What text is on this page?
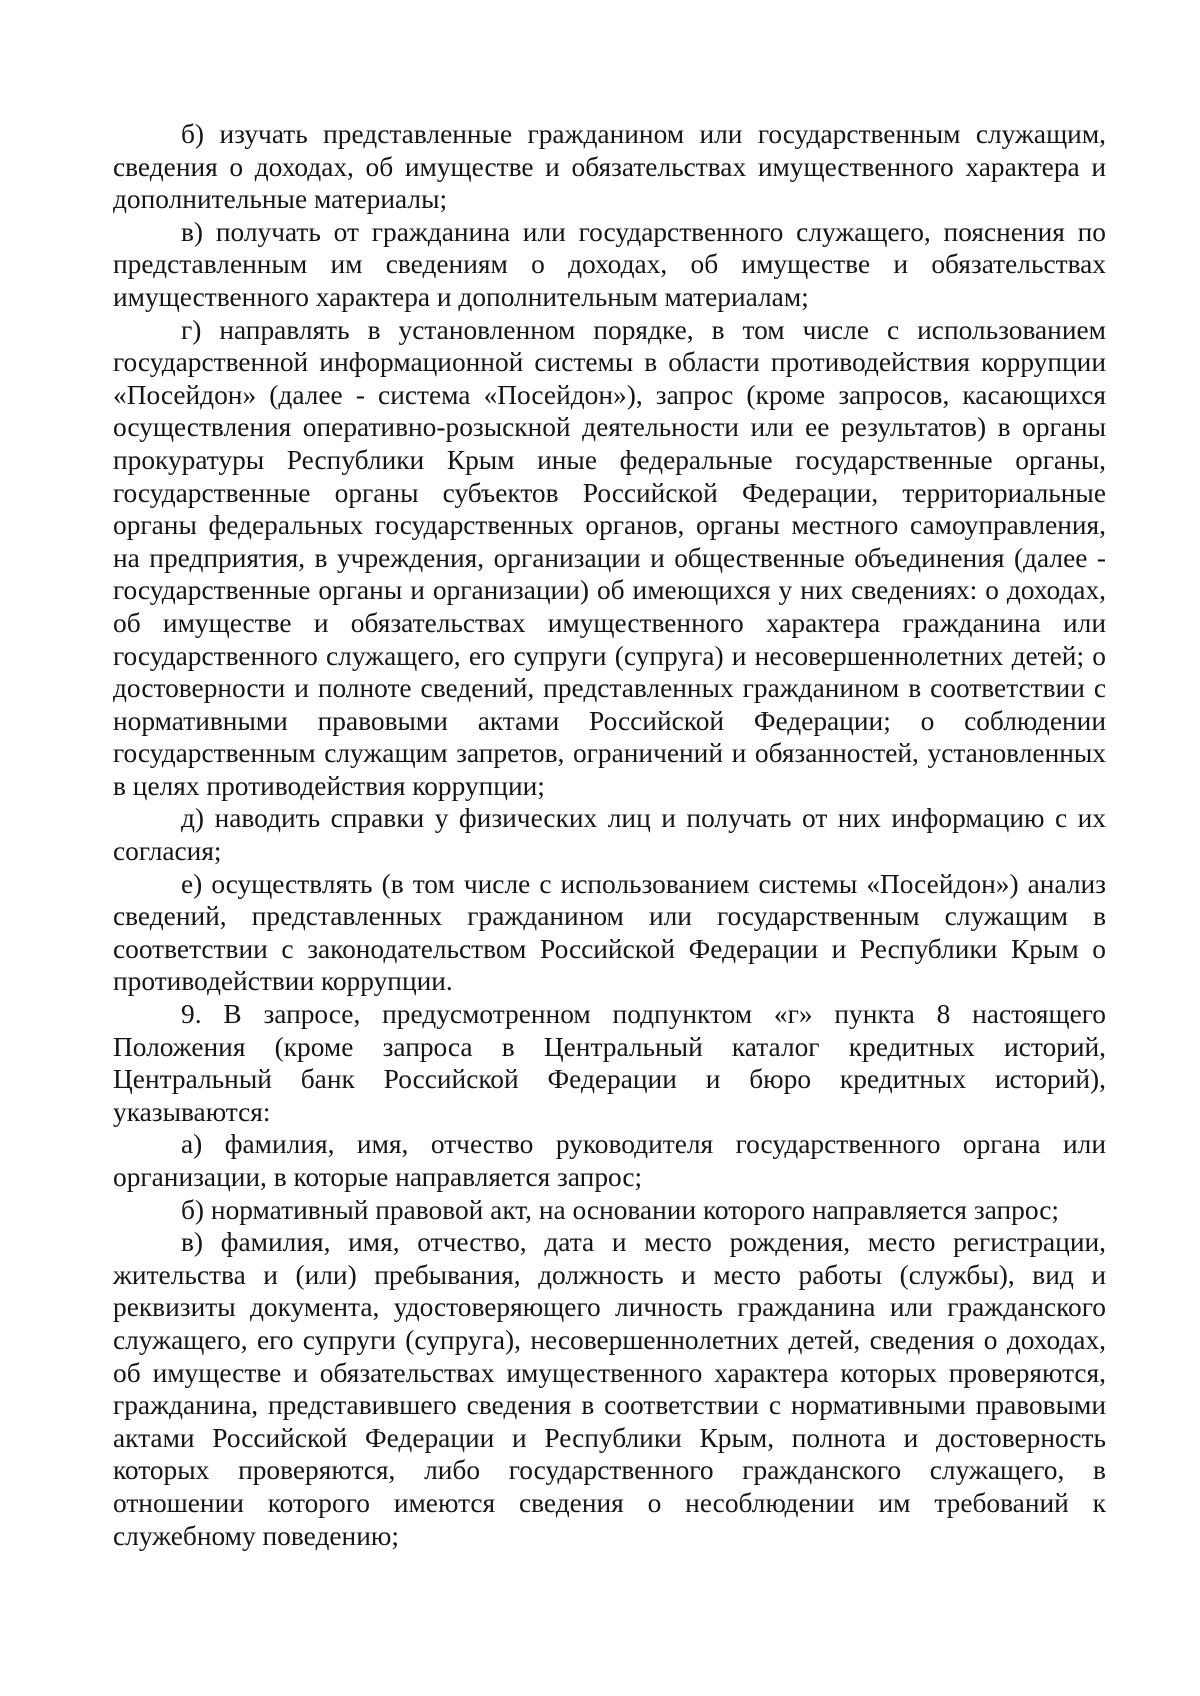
б) изучать представленные гражданином или государственным служащим, сведения о доходах, об имуществе и обязательствах имущественного характера и дополнительные материалы;

в) получать от гражданина или государственного служащего, пояснения по представленным им сведениям о доходах, об имуществе и обязательствах имущественного характера и дополнительным материалам;

г) направлять в установленном порядке, в том числе с использованием государственной информационной системы в области противодействия коррупции «Посейдон» (далее - система «Посейдон»), запрос (кроме запросов, касающихся осуществления оперативно-розыскной деятельности или ее результатов) в органы прокуратуры Республики Крым иные федеральные государственные органы, государственные органы субъектов Российской Федерации, территориальные органы федеральных государственных органов, органы местного самоуправления, на предприятия, в учреждения, организации и общественные объединения (далее - государственные органы и организации) об имеющихся у них сведениях: о доходах, об имуществе и обязательствах имущественного характера гражданина или государственного служащего, его супруги (супруга) и несовершеннолетних детей; о достоверности и полноте сведений, представленных гражданином в соответствии с нормативными правовыми актами Российской Федерации; о соблюдении государственным служащим запретов, ограничений и обязанностей, установленных в целях противодействия коррупции;

д) наводить справки у физических лиц и получать от них информацию с их согласия;

е) осуществлять (в том числе с использованием системы «Посейдон») анализ сведений, представленных гражданином или государственным служащим в соответствии с законодательством Российской Федерации и Республики Крым о противодействии коррупции.

9. В запросе, предусмотренном подпунктом «г» пункта 8 настоящего Положения (кроме запроса в Центральный каталог кредитных историй, Центральный банк Российской Федерации и бюро кредитных историй), указываются:

а) фамилия, имя, отчество руководителя государственного органа или организации, в которые направляется запрос;

б) нормативный правовой акт, на основании которого направляется запрос;

в) фамилия, имя, отчество, дата и место рождения, место регистрации, жительства и (или) пребывания, должность и место работы (службы), вид и реквизиты документа, удостоверяющего личность гражданина или гражданского служащего, его супруги (супруга), несовершеннолетних детей, сведения о доходах, об имуществе и обязательствах имущественного характера которых проверяются, гражданина, представившего сведения в соответствии с нормативными правовыми актами Российской Федерации и Республики Крым, полнота и достоверность которых проверяются, либо государственного гражданского служащего, в отношении которого имеются сведения о несоблюдении им требований к служебному поведению;
